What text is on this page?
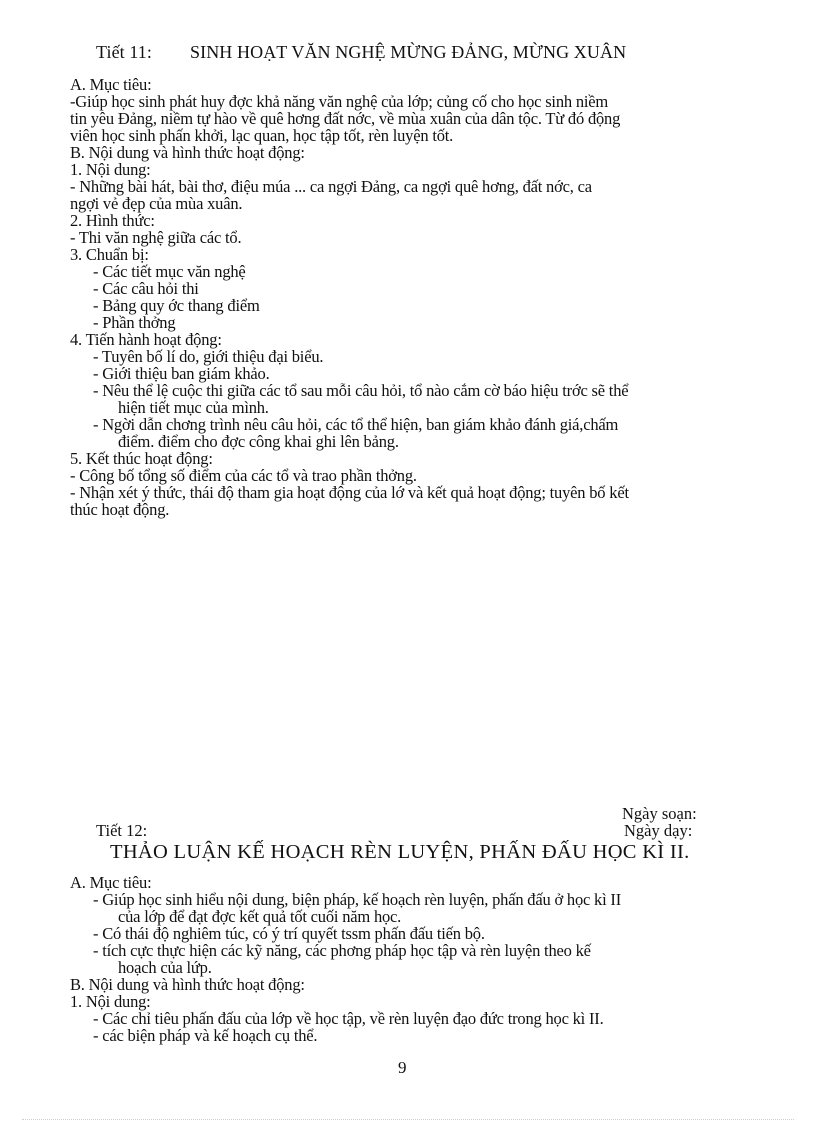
Tiết 11: SINH HOẠT VĂN NGHỆ MỪNG ĐẢNG, MỪNG XUÂN
A. Mục tiêu:
-Giúp học sinh phát huy đợc khả năng văn nghệ của lớp; củng cố cho học sinh niềm
tin yêu Đảng, niềm tự hào về quê hơng đất nớc, về mùa xuân của dân tộc. Từ đó động
viên học sinh phấn khởi, lạc quan, học tập tốt, rèn luyện tốt.
B. Nội dung và hình thức hoạt động:
1. Nội dung:
- Những bài hát, bài thơ, điệu múa ... ca ngợi Đảng, ca ngợi quê hơng, đất nớc, ca
ngợi vẻ đẹp của mùa xuân.
2. Hình thức:
- Thi văn nghệ giữa các tổ.
3. Chuẩn bị:
- Các tiết mục văn nghệ
- Các câu hỏi thi
- Bảng quy ớc thang điểm
- Phần thởng
4. Tiến hành hoạt động:
- Tuyên bố lí do, giới thiệu đại biểu.
- Giới thiệu ban giám khảo.
- Nêu thể lệ cuộc thi giữa các tổ sau mỗi câu hỏi, tổ nào cắm cờ báo hiệu trớc sẽ thể
hiện tiết mục của mình.
- Ngời dẫn chơng trình nêu câu hỏi, các tổ thể hiện, ban giám khảo đánh giá,chấm
điểm. điểm cho đợc công khai ghi lên bảng.
5. Kết thúc hoạt động:
- Công bố tổng số điểm của các tổ và trao phần thởng.
- Nhận xét ý thức, thái độ tham gia hoạt động của lớ và kết quả hoạt động; tuyên bố kết
thúc hoạt động.
Ngày soạn:
Tiết 12:	Ngày dạy:
THẢO LUẬN KẾ HOẠCH RÈN LUYỆN, PHẤN ĐẤU HỌC KÌ II.
A. Mục tiêu:
- Giúp học sinh hiểu nội dung, biện pháp, kế hoạch rèn luyện, phấn đấu ở học kì II
của lớp để đạt đợc kết quả tốt cuối năm học.
- Có thái độ nghiêm túc, có ý trí quyết tssm phấn đấu tiến bộ.
- tích cực thực hiện các kỹ năng, các phơng pháp học tập và rèn luyện theo kế
hoạch của lứp.
B. Nội dung và hình thức hoạt động:
1. Nội dung:
- Các chỉ tiêu phấn đấu của lớp về học tập, về rèn luyện đạo đức trong học kì II.
- các biện pháp và kế hoạch cụ thể.
9
